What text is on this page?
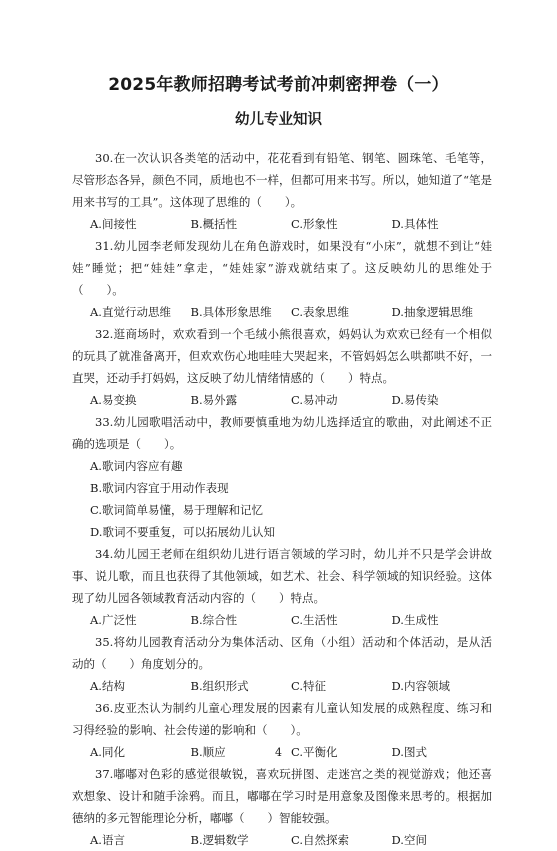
2025年教师招聘考试考前冲刺密押卷（一）
幼儿专业知识

30.在一次认识各类笔的活动中，花花看到有铅笔、钢笔、圆珠笔、毛笔等，尽管形态各异，颜色不同，质地也不一样，但都可用来书写。所以，她知道了“笔是用来书写的工具”。这体现了思维的（　　）。

A.间接性	B.概括性	C.形象性	D.具体性

31.幼儿园李老师发现幼儿在角色游戏时，如果没有“小床”，就想不到让“娃娃”睡觉；把“娃娃”拿走，“娃娃家”游戏就结束了。这反映幼儿的思维处于（　　）。

A.直觉行动思维	B.具体形象思维	C.表象思维	D.抽象逻辑思维

32.逛商场时，欢欢看到一个毛绒小熊很喜欢，妈妈认为欢欢已经有一个相似的玩具了就准备离开，但欢欢伤心地哇哇大哭起来，不管妈妈怎么哄都哄不好，一直哭，还动手打妈妈，这反映了幼儿情绪情感的（　　）特点。

A.易变换	B.易外露	C.易冲动	D.易传染

33.幼儿园歌唱活动中，教师要慎重地为幼儿选择适宜的歌曲，对此阐述不正确的选项是（　　）。

A.歌词内容应有趣
B.歌词内容宜于用动作表现
C.歌词简单易懂，易于理解和记忆
D.歌词不要重复，可以拓展幼儿认知

34.幼儿园王老师在组织幼儿进行语言领域的学习时，幼儿并不只是学会讲故事、说儿歌，而且也获得了其他领域，如艺术、社会、科学领域的知识经验。这体现了幼儿园各领域教育活动内容的（　　）特点。

A.广泛性	B.综合性	C.生活性	D.生成性

35.将幼儿园教育活动分为集体活动、区角（小组）活动和个体活动，是从活动的（　　）角度划分的。

A.结构	B.组织形式	C.特征	D.内容领域

36.皮亚杰认为制约儿童心理发展的因素有儿童认知发展的成熟程度、练习和习得经验的影响、社会传递的影响和（　　）。

A.同化	B.顺应	C.平衡化	D.图式

37.嘟嘟对色彩的感觉很敏锐，喜欢玩拼图、走迷宫之类的视觉游戏；他还喜欢想象、设计和随手涂鸦。而且，嘟嘟在学习时是用意象及图像来思考的。根据加德纳的多元智能理论分析，嘟嘟（　　）智能较强。

A.语言	B.逻辑数学	C.自然探索	D.空间
4
